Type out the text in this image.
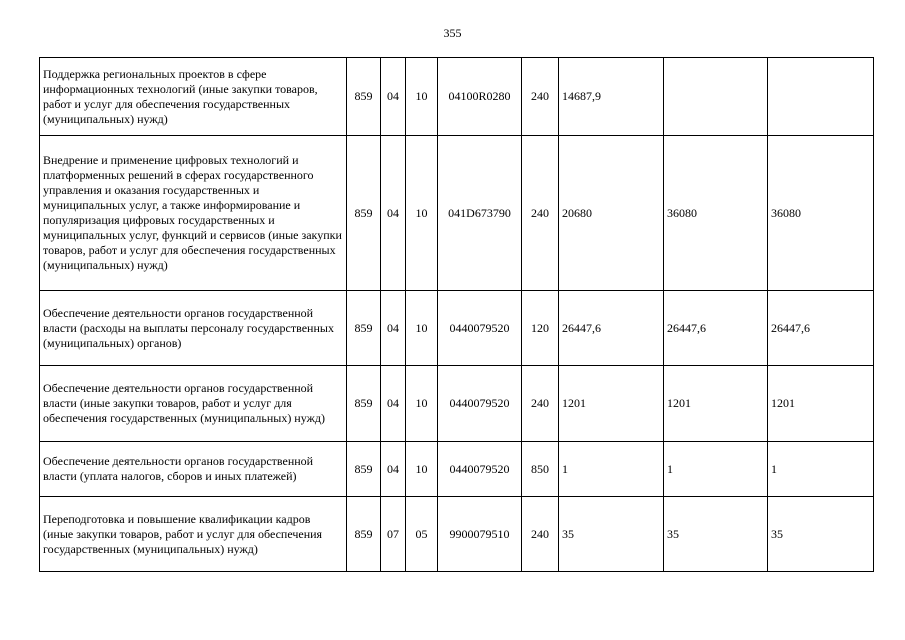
355
Поддержка региональных проектов в сфере информационных технологий (иные закупки товаров, работ и услуг для обеспечения государственных (муниципальных) нужд)	859	04	10	04100R0280	240	14687,9		
Внедрение и применение цифровых технологий и платформенных решений в сферах государственного управления и оказания государственных и муниципальных услуг, а также информирование и популяризация цифровых государственных и муниципальных услуг, функций и сервисов (иные закупки товаров, работ и услуг для обеспечения государственных (муниципальных) нужд)	859	04	10	041D673790	240	20680	36080	36080
Обеспечение деятельности органов государственной власти (расходы на выплаты персоналу государственных (муниципальных) органов)	859	04	10	0440079520	120	26447,6	26447,6	26447,6
Обеспечение деятельности органов государственной власти (иные закупки товаров, работ и услуг для обеспечения государственных (муниципальных) нужд)	859	04	10	0440079520	240	1201	1201	1201
Обеспечение деятельности органов государственной власти (уплата налогов, сборов и иных платежей)	859	04	10	0440079520	850	1	1	1
Переподготовка и повышение квалификации кадров (иные закупки товаров, работ и услуг для обеспечения государственных (муниципальных) нужд)	859	07	05	9900079510	240	35	35	35
